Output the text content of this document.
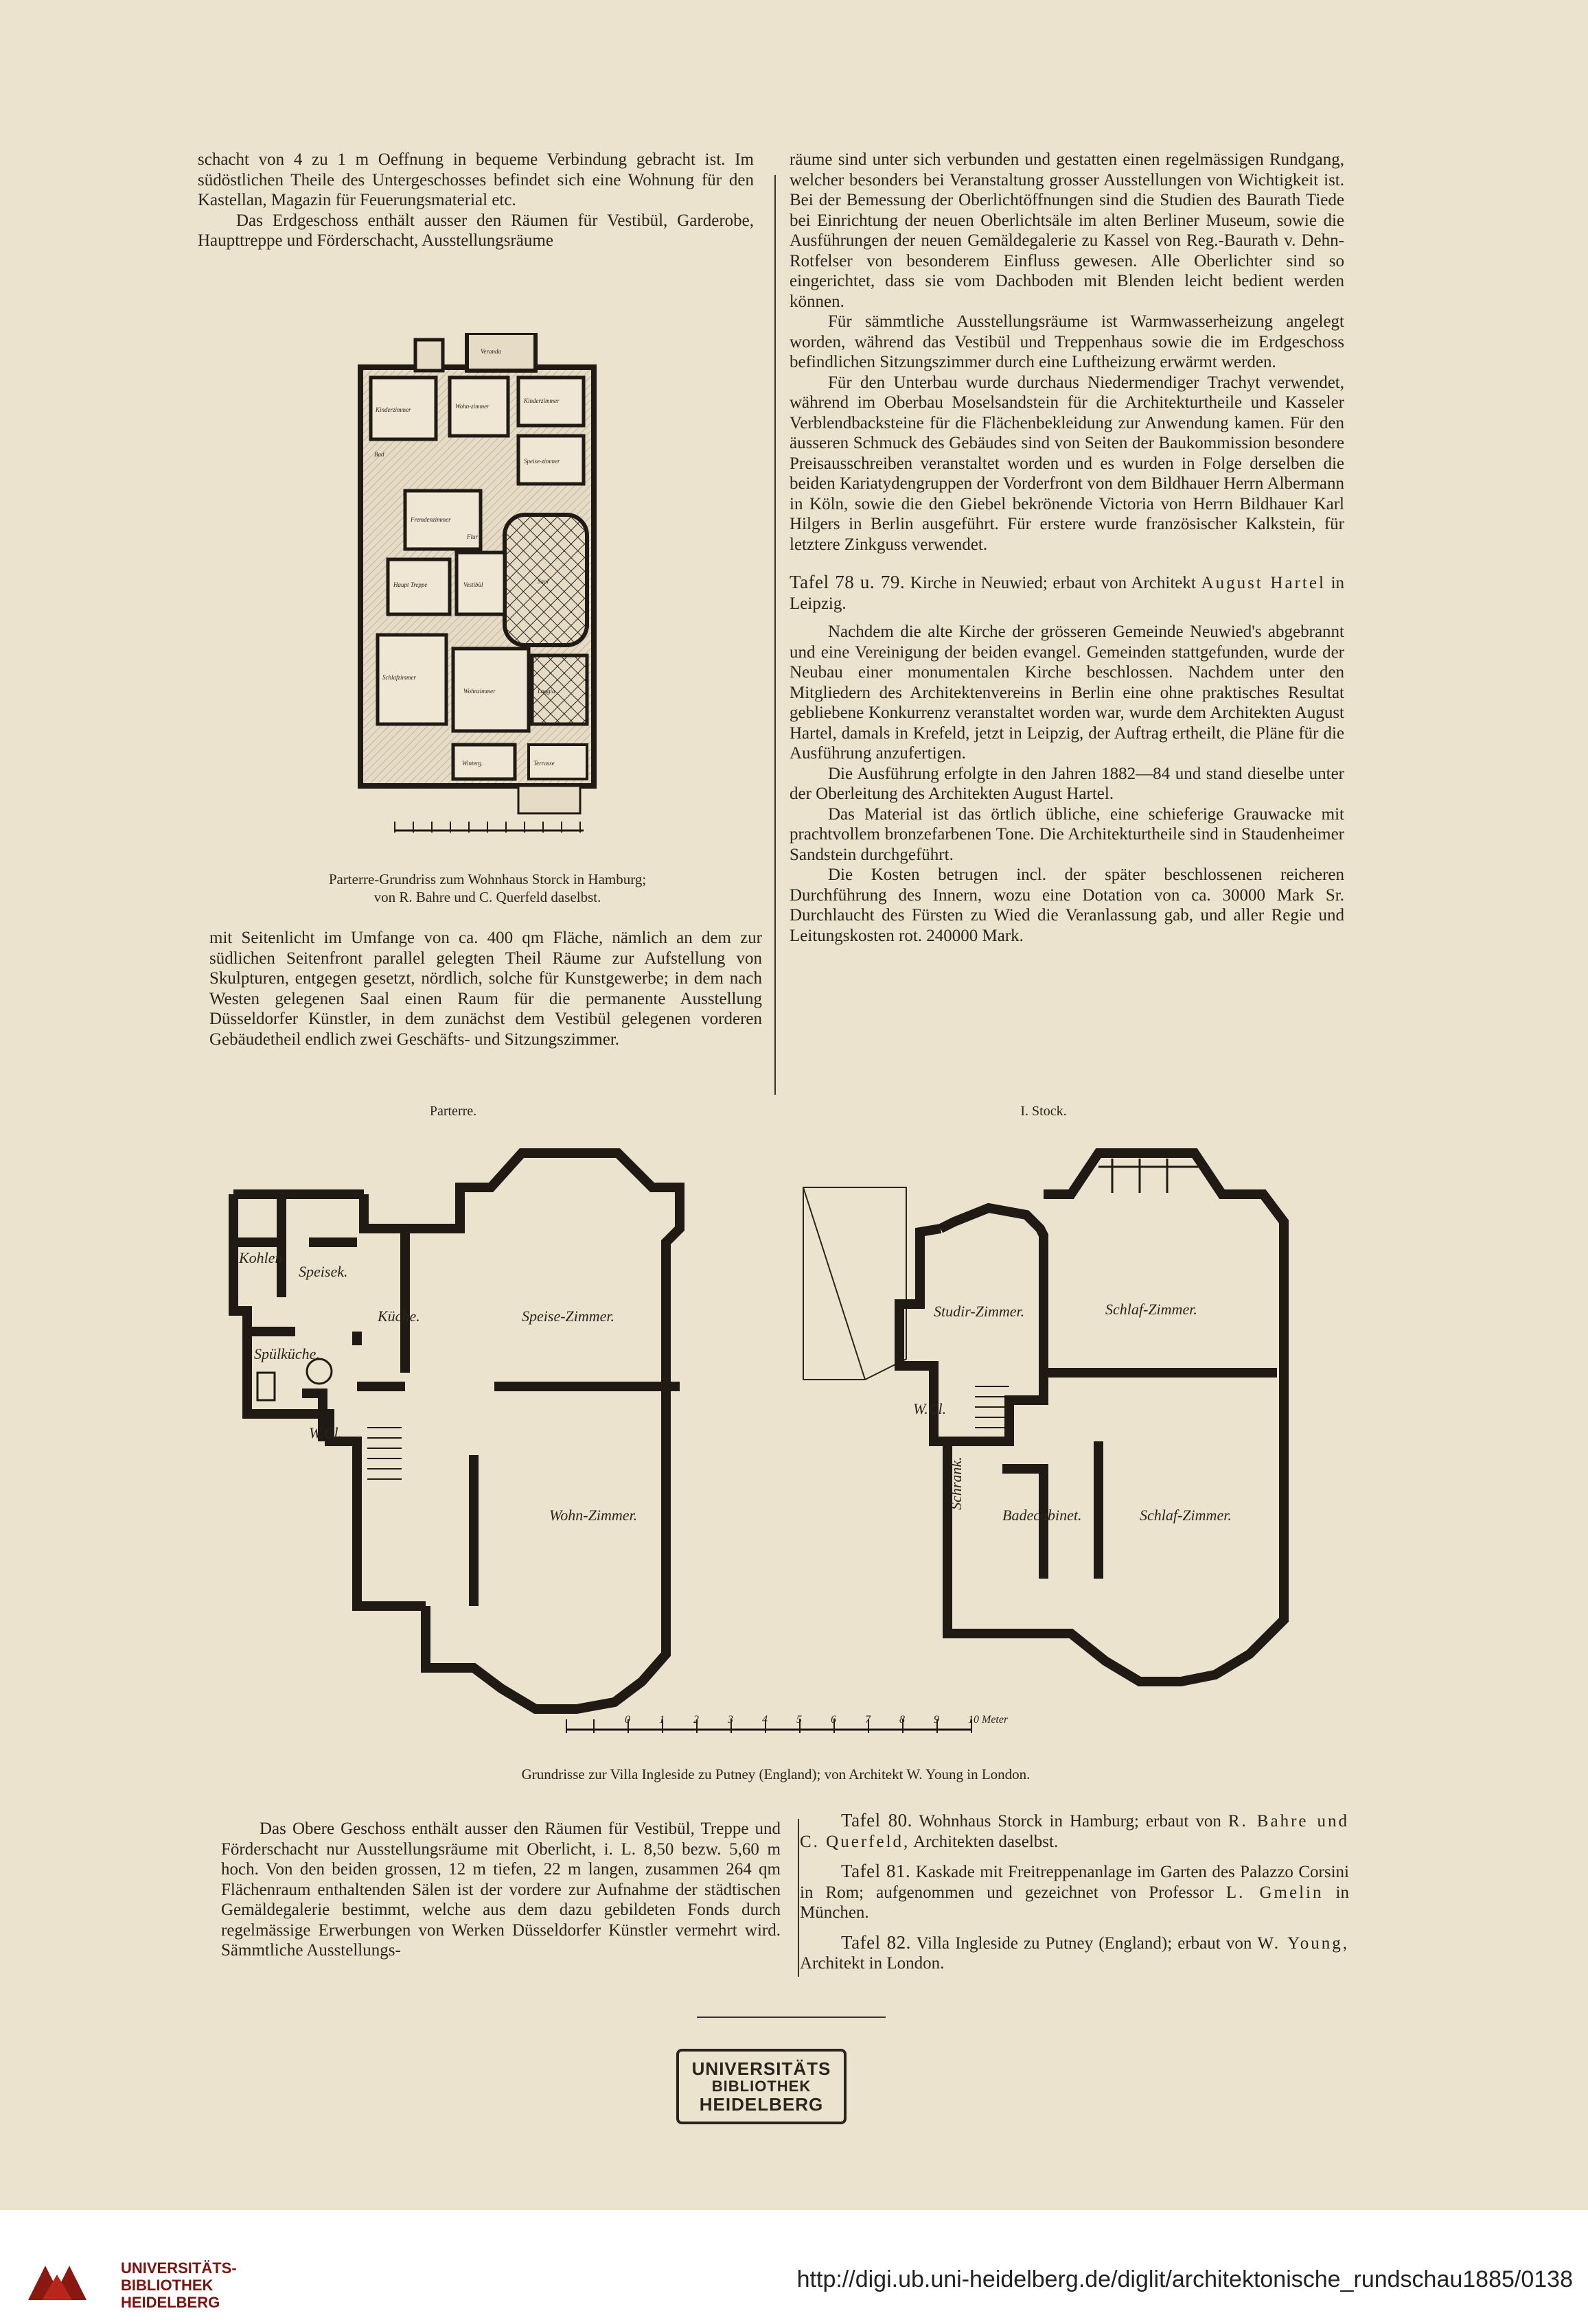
schacht von 4 zu 1 m Oeffnung in bequeme Verbindung gebracht ist. Im südöstlichen Theile des Untergeschosses befindet sich eine Wohnung für den Kastellan, Magazin für Feuerungsmaterial etc.

Das Erdgeschoss enthält ausser den Räumen für Vestibül, Garderobe, Haupttreppe und Förderschacht, Ausstellungsräume

Kinderzimmer	Wohn-zimmer
Kinderzimmer
Fremdenzimmer
Saal
Flur
Vestibül
Haupt Treppe
Speise-zimmer
Schlafzimmer
Wohnzimmer	Loggia
Terrasse
Veranda
Winterg.
Bad
Parterre-Grundriss zum Wohnhaus Storck in Hamburg;
von R. Bahre und C. Querfeld daselbst.

mit Seitenlicht im Umfange von ca. 400 qm Fläche, nämlich an dem zur südlichen Seitenfront parallel gelegten Theil Räume zur Aufstellung von Skulpturen, entgegen gesetzt, nördlich, solche für Kunstgewerbe; in dem nach Westen gelegenen Saal einen Raum für die permanente Ausstellung Düsseldorfer Künstler, in dem zunächst dem Vestibül gelegenen vorderen Gebäudetheil endlich zwei Geschäfts- und Sitzungszimmer.

räume sind unter sich verbunden und gestatten einen regelmässigen Rundgang, welcher besonders bei Veranstaltung grosser Ausstellungen von Wichtigkeit ist. Bei der Bemessung der Oberlichtöffnungen sind die Studien des Baurath Tiede bei Einrichtung der neuen Oberlichtsäle im alten Berliner Museum, sowie die Ausführungen der neuen Gemäldegalerie zu Kassel von Reg.-Baurath v. Dehn-Rotfelser von besonderem Einfluss gewesen. Alle Oberlichter sind so eingerichtet, dass sie vom Dachboden mit Blenden leicht bedient werden können.

Für sämmtliche Ausstellungsräume ist Warmwasserheizung angelegt worden, während das Vestibül und Treppenhaus sowie die im Erdgeschoss befindlichen Sitzungszimmer durch eine Luftheizung erwärmt werden.

Für den Unterbau wurde durchaus Niedermendiger Trachyt verwendet, während im Oberbau Moselsandstein für die Architekturtheile und Kasseler Verblendbacksteine für die Flächenbekleidung zur Anwendung kamen. Für den äusseren Schmuck des Gebäudes sind von Seiten der Baukommission besondere Preisausschreiben veranstaltet worden und es wurden in Folge derselben die beiden Kariatydengruppen der Vorderfront von dem Bildhauer Herrn Albermann in Köln, sowie die den Giebel bekrönende Victoria von Herrn Bildhauer Karl Hilgers in Berlin ausgeführt. Für erstere wurde französischer Kalkstein, für letztere Zinkguss verwendet.

Tafel 78 u. 79. Kirche in Neuwied; erbaut von Architekt August Hartel in Leipzig.

Nachdem die alte Kirche der grösseren Gemeinde Neuwied's abgebrannt und eine Vereinigung der beiden evangel. Gemeinden stattgefunden, wurde der Neubau einer monumentalen Kirche beschlossen. Nachdem unter den Mitgliedern des Architektenvereins in Berlin eine ohne praktisches Resultat gebliebene Konkurrenz veranstaltet worden war, wurde dem Architekten August Hartel, damals in Krefeld, jetzt in Leipzig, der Auftrag ertheilt, die Pläne für die Ausführung anzufertigen.

Die Ausführung erfolgte in den Jahren 1882—84 und stand dieselbe unter der Oberleitung des Architekten August Hartel.

Das Material ist das örtlich übliche, eine schieferige Grauwacke mit prachtvollem bronzefarbenen Tone. Die Architekturtheile sind in Staudenheimer Sandstein durchgeführt.

Die Kosten betrugen incl. der später beschlossenen reicheren Durchführung des Innern, wozu eine Dotation von ca. 30000 Mark Sr. Durchlaucht des Fürsten zu Wied die Veranlassung gab, und aller Regie und Leitungskosten rot. 240000 Mark.

Parterre.	I. Stock.
Kohlen
Speisek.
Küche.	Speise-Zimmer.
Spülküche.
W.Cl.
Wohn-Zimmer.
Studir-Zimmer.	Schlaf-Zimmer.
W.Cl.
Schrank.
Badecabinet.	Schlaf-Zimmer.
0	1	2	3	4	5	6	7	8	9	10 Meter
Grundrisse zur Villa Ingleside zu Putney (England); von Architekt W. Young in London.

Das Obere Geschoss enthält ausser den Räumen für Vestibül, Treppe und Förderschacht nur Ausstellungsräume mit Oberlicht, i. L. 8,50 bezw. 5,60 m hoch. Von den beiden grossen, 12 m tiefen, 22 m langen, zusammen 264 qm Flächenraum enthaltenden Sälen ist der vordere zur Aufnahme der städtischen Gemäldegalerie bestimmt, welche aus dem dazu gebildeten Fonds durch regelmässige Erwerbungen von Werken Düsseldorfer Künstler vermehrt wird. Sämmtliche Ausstellungs-

Tafel 80. Wohnhaus Storck in Hamburg; erbaut von R. Bahre und C. Querfeld, Architekten daselbst.

Tafel 81. Kaskade mit Freitreppenanlage im Garten des Palazzo Corsini in Rom; aufgenommen und gezeichnet von Professor L. Gmelin in München.

Tafel 82. Villa Ingleside zu Putney (England); erbaut von W. Young, Architekt in London.

UNIVERSITÄTS
BIBLIOTHEK
HEIDELBERG
UNIVERSITÄTS-
BIBLIOTHEK
HEIDELBERG
http://digi.ub.uni-heidelberg.de/diglit/architektonische_rundschau1885/0138
